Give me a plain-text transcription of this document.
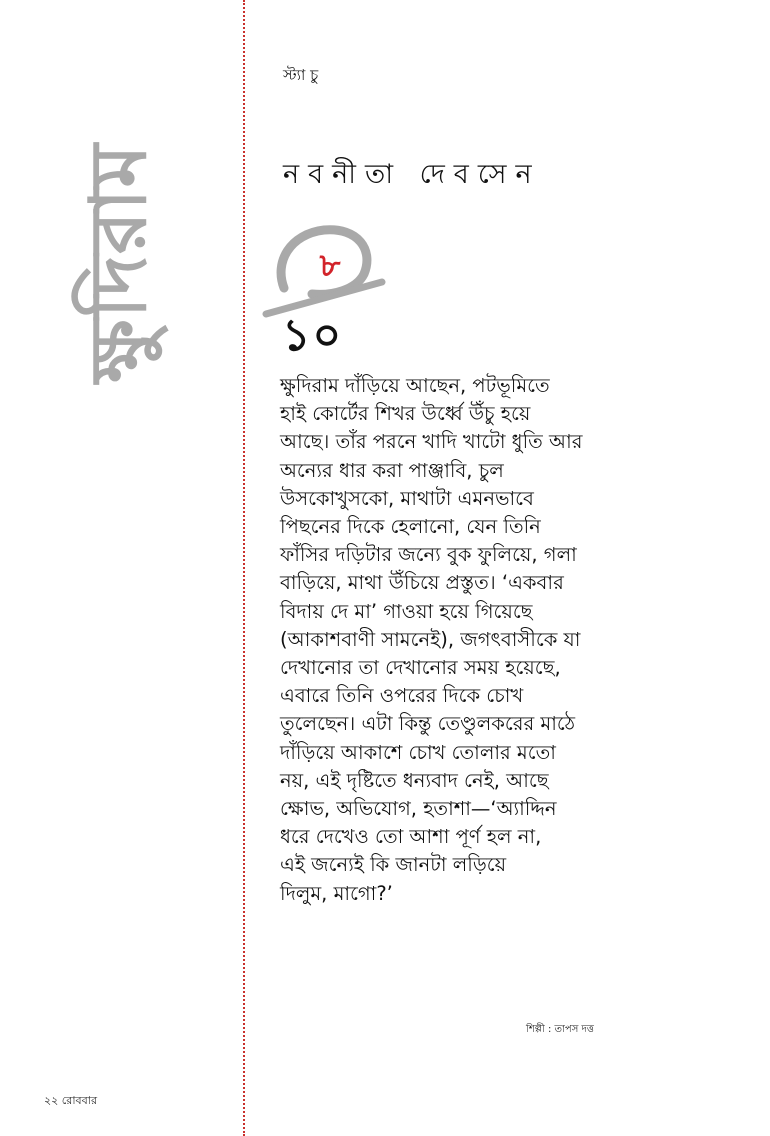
ক্ষুদিরাম
স্ট্যা চু
নবনীতা দেবসেন
৮
১০

ক্ষুদিরাম দাঁড়িয়ে আছেন, পটভূমিতে

হাই কোর্টের শিখর উর্ধ্বে উঁচু হয়ে

আছে। তাঁর পরনে খাদি খাটো ধুতি আর

অন্যের ধার করা পাঞ্জাবি, চুল

উসকোখুসকো, মাথাটা এমনভাবে

পিছনের দিকে হেলানো, যেন তিনি

ফাঁসির দড়িটার জন্যে বুক ফুলিয়ে, গলা

বাড়িয়ে, মাথা উঁচিয়ে প্রস্তুত। ‘একবার

বিদায় দে মা’ গাওয়া হয়ে গিয়েছে

(আকাশবাণী সামনেই), জগৎবাসীকে যা

দেখানোর তা দেখানোর সময় হয়েছে,

এবারে তিনি ওপরের দিকে চোখ

তুলেছেন। এটা কিন্তু তেণ্ডুলকরের মাঠে

দাঁড়িয়ে আকাশে চোখ তোলার মতো

নয়, এই দৃষ্টিতে ধন্যবাদ নেই, আছে

ক্ষোভ, অভিযোগ, হতাশা—‘অ্যাদ্দিন

ধরে দেখেও তো আশা পূর্ণ হল না,

এই জন্যেই কি জানটা লড়িয়ে

দিলুম, মাগো?’

শিল্পী : তাপস দত্ত
২২ রোববার
